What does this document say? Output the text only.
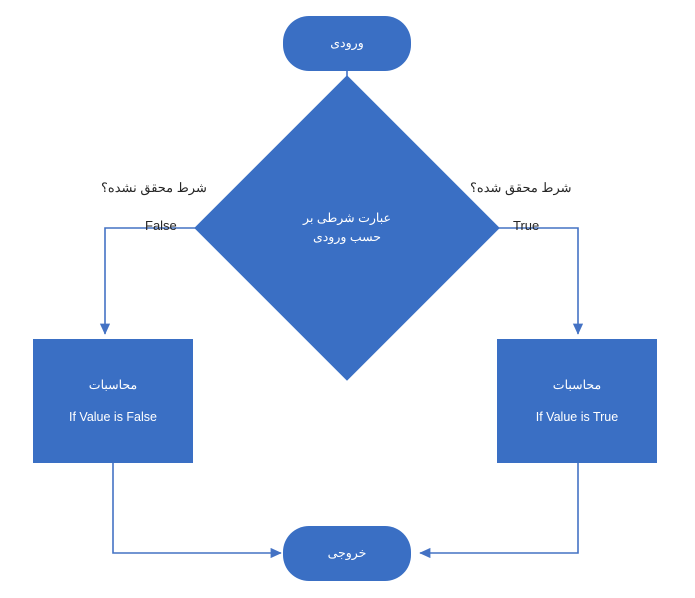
ورودی
عبارت شرطی بر
حسب ورودی
محاسبات
If Value is False
محاسبات
If Value is True
خروجی
شرط محقق نشده؟
False
شرط محقق شده؟
True
